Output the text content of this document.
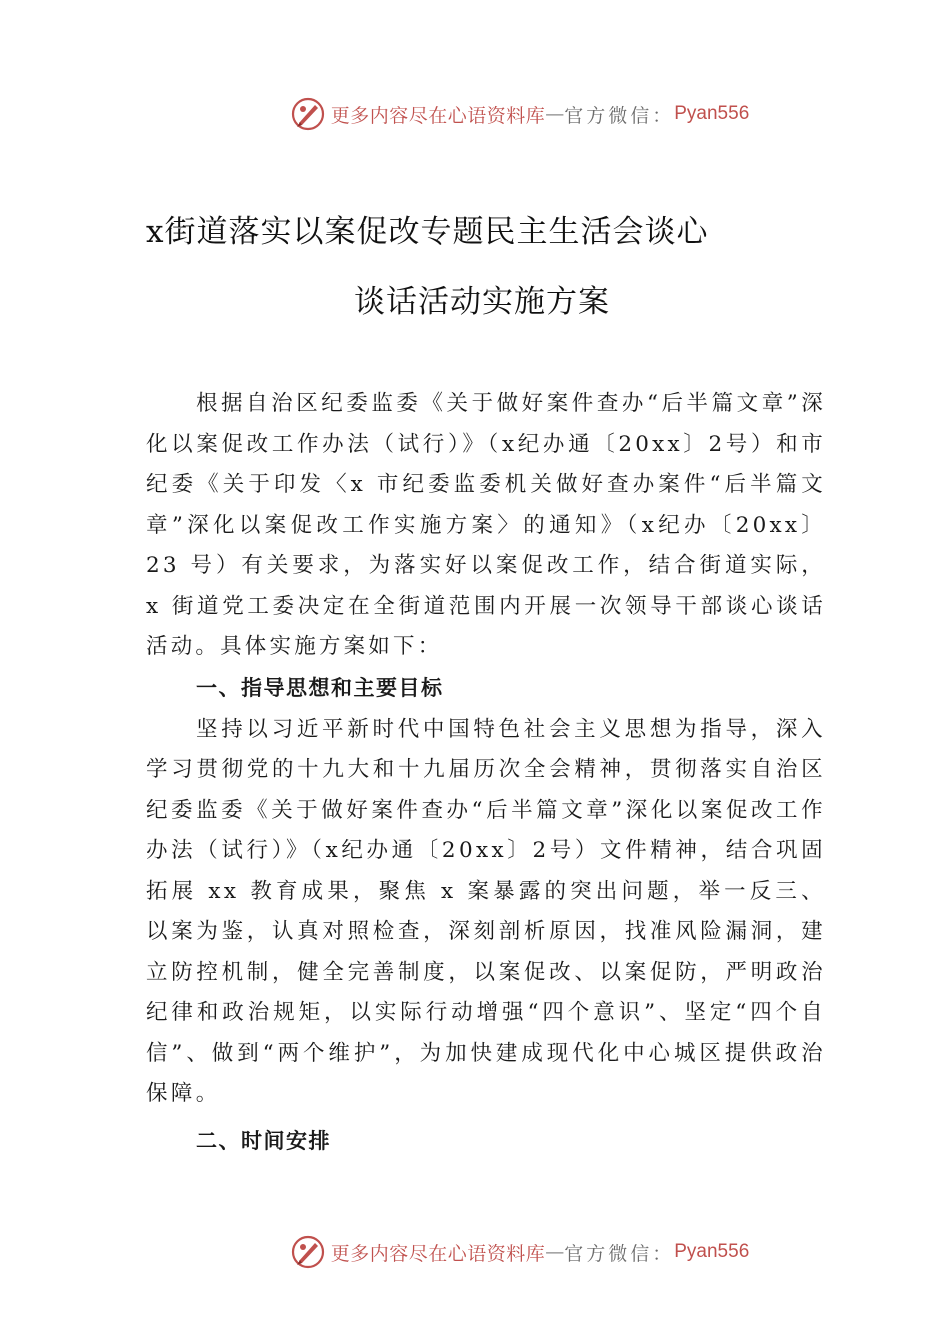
更多内容尽在心语资料库 — 官方微信： Pyan556
x街道落实以案促改专题民主生活会谈心
谈话活动实施方案

根据自治区纪委监委《关于做好案件查办“后半篇文章”深化以案促改工作办法（试行）》（x纪办通〔20xx〕2号）和市纪委《关于印发〈x 市纪委监委机关做好查办案件“后半篇文章”深化以案促改工作实施方案〉的通知》（x纪办〔20xx〕23 号）有关要求，为落实好以案促改工作，结合街道实际， x 街道党工委决定在全街道范围内开展一次领导干部谈心谈话活动。具体实施方案如下：

一、指导思想和主要目标

坚持以习近平新时代中国特色社会主义思想为指导，深入学习贯彻党的十九大和十九届历次全会精神，贯彻落实自治区纪委监委《关于做好案件查办“后半篇文章”深化以案促改工作办法（试行）》（x纪办通〔20xx〕2号）文件精神，结合巩固拓展 xx 教育成果，聚焦 x 案暴露的突出问题，举一反三、以案为鉴，认真对照检查，深刻剖析原因，找准风险漏洞，建立防控机制，健全完善制度，以案促改、以案促防，严明政治纪律和政治规矩，以实际行动增强“四个意识”、坚定“四个自信”、做到“两个维护”，为加快建成现代化中心城区提供政治保障。

二、时间安排

更多内容尽在心语资料库 — 官方微信： Pyan556
